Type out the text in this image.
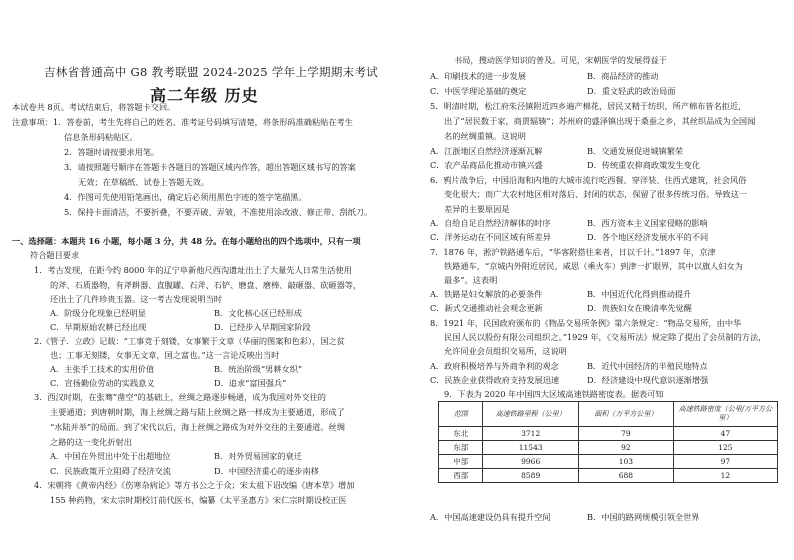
吉林省普通高中 G8 教考联盟 2024-2025 学年上学期期末考试
高二年级 历史
本试卷共 8页。考试结束后，将答题卡交回。
注意事项：1．答卷前，考生先将自己的姓名、准考证号码填写清楚，将条形码准确粘贴在考生
信息条形码粘贴区。
2．答题时请按要求用笔。
3．请按照题号顺序在答题卡各题目的答题区域内作答，超出答题区域书写的答案
无效；在草稿纸、试卷上答题无效。
4．作图可先使用铅笔画出，确定后必须用黑色字迹的签字笔描黑。
5．保持卡面清洁，不要折叠，不要弄破、弄皱，不准使用涂改液、修正带、刮纸刀。
一、选择题：本题共 16 小题，每小题 3 分，共 48 分。在每小题给出的四个选项中，只有一项
符合题目要求
1．考古发现，在距今约 8000 年的辽宁阜新他尺西沟遗址出土了大量先人日常生活使用
的斧、石质器物，有斧耕器、直腹罐、石斧、石铲、磨盘、磨棒、敲砸器、砍砸器等，
还出土了几件珍贵玉器。这一考古发现说明当时
A．阶级分化现象已经明显	B．文化核心区已经形成
C．早期原始农耕已经出现	D．已经步入早期国家阶段
2.《管子．立政》记载：“工事竞于刻镂，女事繁于文章（华丽的图案和色彩），国之贫
也；工事无刻镂，女事无文章，国之富也。”这一言论反映出当时
A．主张手工技术的实用价值	B．统治阶级“男耕女织”
C．宣扬勤俭劳动的实践意义	D．追求“富国强兵”
3．西汉时期，在张骞“凿空”的基础上，丝绸之路逐步畅通，成为我国对外交往的
主要通道；到唐朝时期，海上丝绸之路与陆上丝绸之路一样成为主要通道，形成了
“水陆并举”的局面。到了宋代以后，海上丝绸之路成为对外交往的主要通道。丝绸
之路的这一变化折射出
A．中国在外贸出中处于出超地位	B．对外贸易国家的衰迁
C．民族政策开立阻碍了经济交流	D．中国经济重心的逐步南移
4．宋朝将《黄帝内经》《伤寒杂病论》等方书公之于众；宋太祖下诏改编《唐本草》增加
155 种药物，宋太宗时期校订前代医书，编纂《太平圣惠方》宋仁宗时期设校正医
书局，搜动医学知识的普及。可见，宋朝医学的发展得益于
A．印刷技术的进一步发展	B．商品经济的推动
C．中医学理论基础的奠定	D．重文轻武的政治局面
5．明清时期，松江府朱泾镇附近四乡遍产棉花，居民又精于纺织，所产棉布皆名拒近，
出了“居民数于家，商贾辐辏”；苏州府的盛泽镇出现于桑蚕之乡，其丝织品成为全国闻
名的丝绸重镇。这说明
A．江浙地区自然经济逐渐瓦解	B．交通发展促进城镇繁荣
C．农产品商品化推动市镇兴盛	D．传统重农抑商政策发生变化
6．鸦片战争后，中国沿海和内地的大城市流行吃西餐、穿洋装、住西式建筑，社会风俗
变化很大；而广大农村地区相对落后、封闭的状态，保留了很多传统习俗。导致这一
差异的主要原因是
A．自给自足自然经济解体的时序	B．西方资本主义国家侵略的影响
C．洋务运动在不同区域有所差异	D．各个地区经济发展水平的不同
7．1876 年，淞沪铁路通车后，“华客附搭往来者，日以千计。”1897 年，京津
铁路通车，“京城内外附近居民，咸思（乘火车）到津一扩眼界，其中以旗人妇女为
最多”。这表明
A．铁路是妇女解放的必要条件	B．中国近代化得到推动提升
C．新式交通推动社会观念更新	D．贵族妇女在晚清率先觉醒
8．1921 年，民国政府颁布的《物品交易所条例》第六条规定：“物品交易所，由中华
民国人民以股份有限公司组织之。”1929 年，《交易所法》规定除了提出了会员制的方法，
允许同业会员组织交易所，这说明
A．政府积极培养与外商争利的观念	B．近代中国经济的半殖民地特点
C．民族企业获得政府支持发展迅速	D．经济建设中现代意识逐渐增强
9．下表为 2020 年中国四大区域高速铁路密度表。据表可知
范围	高速铁路里程（公里）	面积（万平方公里）	高速铁路密度（公里/万平方公里）
东北	3712	79	47
东部	11543	92	125
中部	9966	103	97
西部	8589	688	12
A．中国高速建设仍具有提升空间	B．中国的路网规模引领全世界
